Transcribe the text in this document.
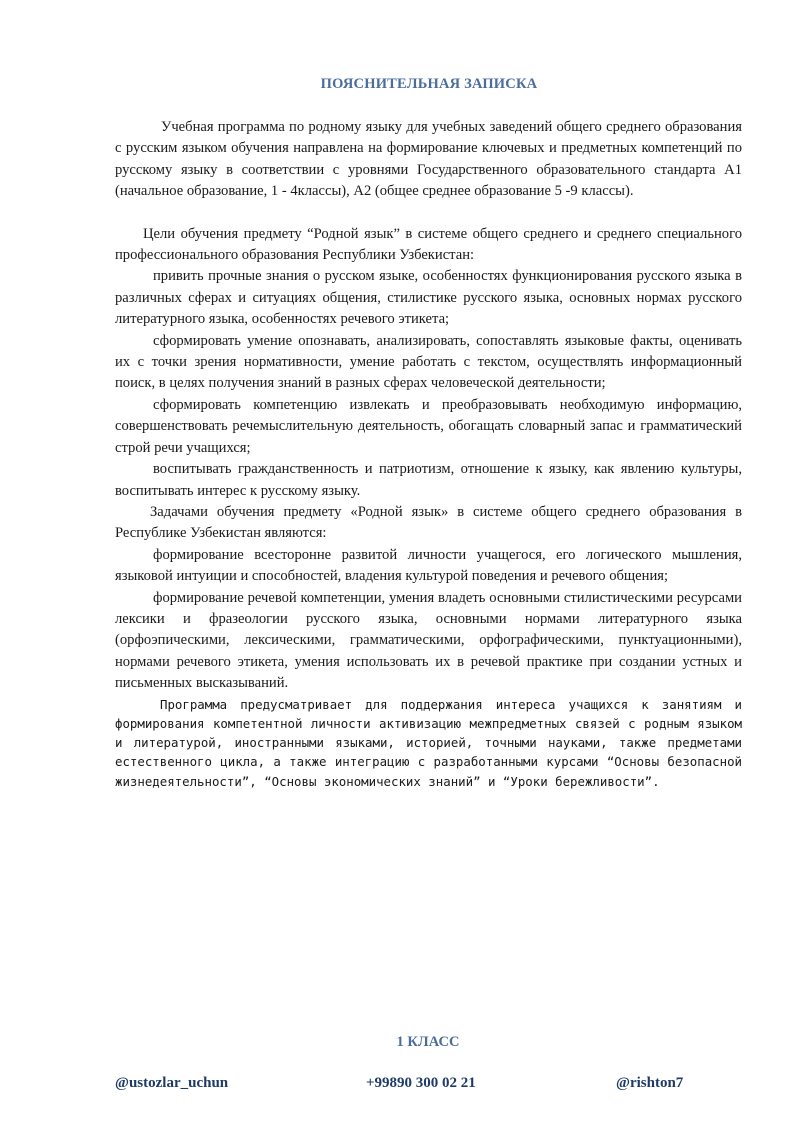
ПОЯСНИТЕЛЬНАЯ ЗАПИСКА

Учебная программа по родному языку для учебных заведений общего среднего образования с русским языком обучения направлена на формирование ключевых и предметных компетенций по русскому языку в соответствии с уровнями Государственного образовательного стандарта А1 (начальное образование, 1 - 4классы), А2 (общее среднее образование 5 -9 классы).

Цели обучения предмету “Родной язык” в системе общего среднего и среднего специального профессионального образования Республики Узбекистан:

привить прочные знания о русском языке, особенностях функционирования русского языка в различных сферах и ситуациях общения, стилистике русского языка, основных нормах русского литературного языка, особенностях речевого этикета;

сформировать умение опознавать, анализировать, сопоставлять языковые факты, оценивать их с точки зрения нормативности, умение работать с текстом, осуществлять информационный поиск, в целях получения знаний в разных сферах человеческой деятельности;

сформировать компетенцию извлекать и преобразовывать необходимую информацию, совершенствовать речемыслительную деятельность, обогащать словарный запас и грамматический строй речи учащихся;

воспитывать гражданственность и патриотизм, отношение к языку, как явлению культуры, воспитывать интерес к русскому языку.

Задачами обучения предмету «Родной язык» в системе общего среднего образования в Республике Узбекистан являются:

формирование всесторонне развитой личности учащегося, его логического мышления, языковой интуиции и способностей, владения культурой поведения и речевого общения;

формирование речевой компетенции, умения владеть основными стилистическими ресурсами лексики и фразеологии русского языка, основными нормами литературного языка (орфоэпическими, лексическими, грамматическими, орфографическими, пунктуационными), нормами речевого этикета, умения использовать их в речевой практике при создании устных и письменных высказываний.

Программа предусматривает для поддержания интереса учащихся к занятиям и формирования компетентной личности активизацию межпредметных связей с родным языком и литературой, иностранными языками, историей, точными науками, также предметами естественного цикла, а также интеграцию с разработанными курсами “Основы безопасной жизнедеятельности”, “Основы экономических знаний” и “Уроки бережливости”.

1 КЛАСС
@ustozlar_uchun	+99890 300 02 21	@rishton7
